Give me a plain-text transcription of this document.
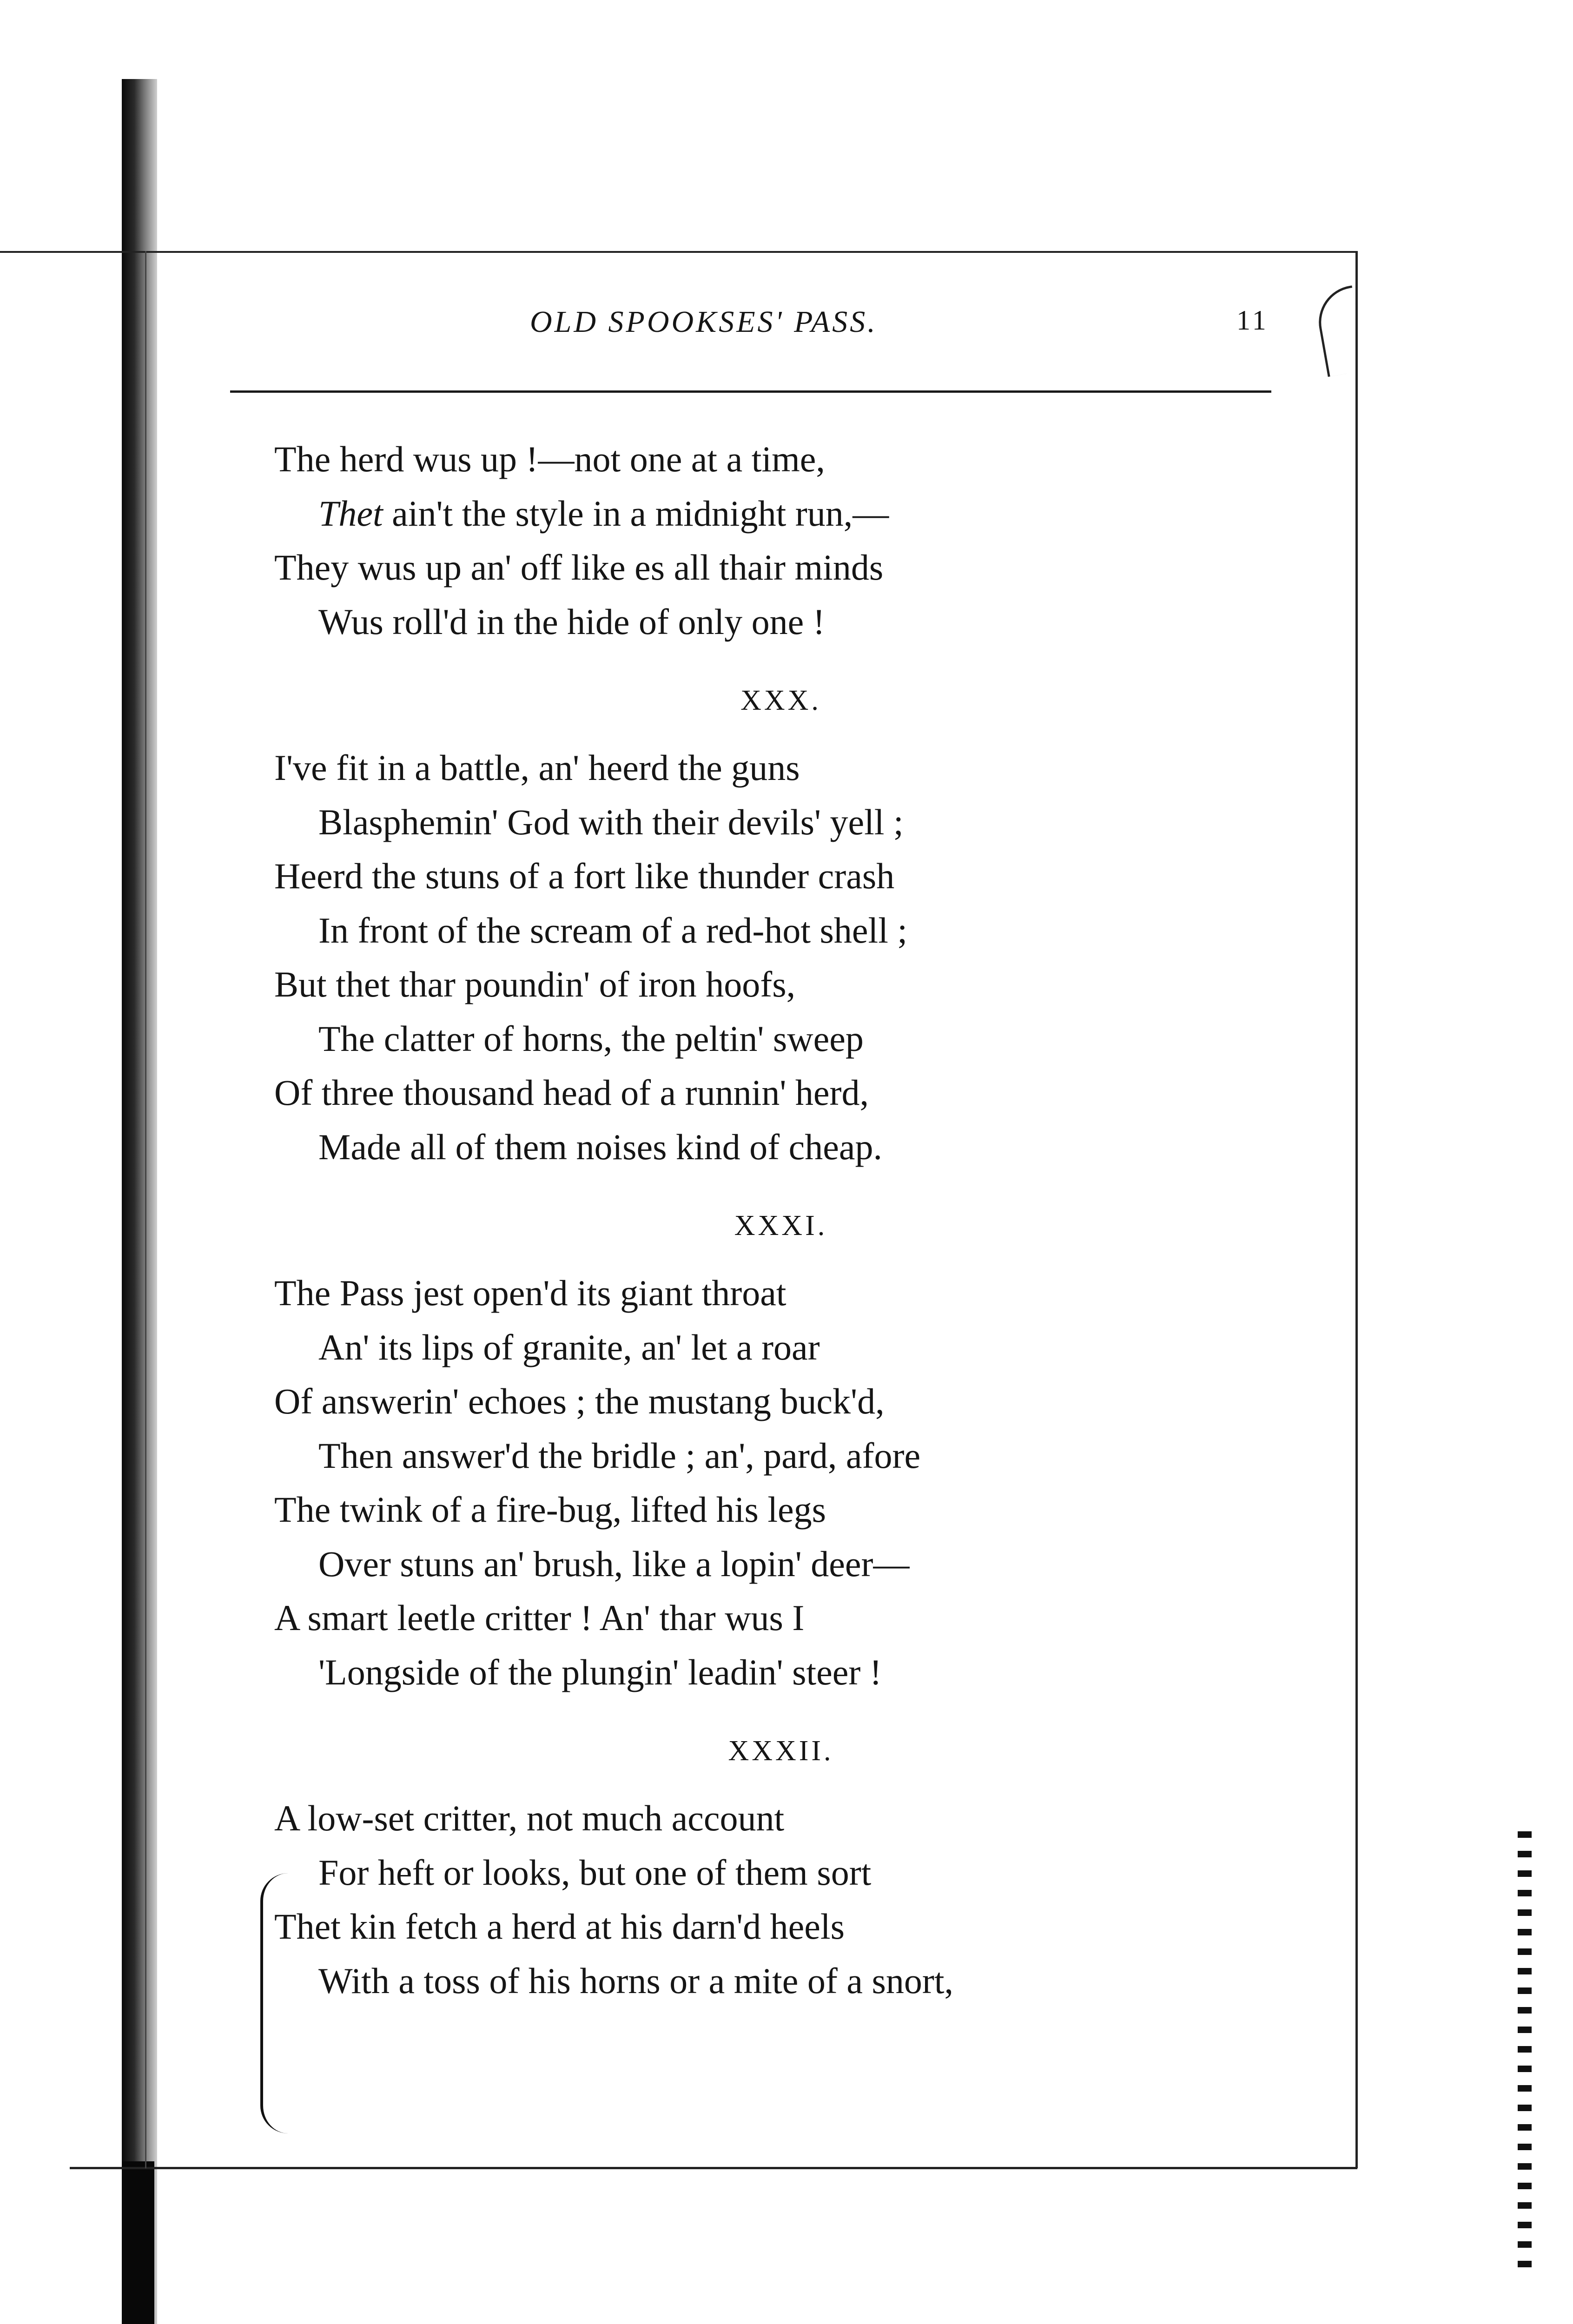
OLD SPOOKSES' PASS.	11
The herd wus up !—not one at a time,
Thet ain't the style in a midnight run,—
They wus up an' off like es all thair minds
Wus roll'd in the hide of only one !
XXX.
I've fit in a battle, an' heerd the guns
Blasphemin' God with their devils' yell ;
Heerd the stuns of a fort like thunder crash
In front of the scream of a red-hot shell ;
But thet thar poundin' of iron hoofs,
The clatter of horns, the peltin' sweep
Of three thousand head of a runnin' herd,
Made all of them noises kind of cheap.
XXXI.
The Pass jest open'd its giant throat
An' its lips of granite, an' let a roar
Of answerin' echoes ; the mustang buck'd,
Then answer'd the bridle ; an', pard, afore
The twink of a fire-bug, lifted his legs
Over stuns an' brush, like a lopin' deer—
A smart leetle critter ! An' thar wus I
'Longside of the plungin' leadin' steer !
XXXII.
A low-set critter, not much account
For heft or looks, but one of them sort
Thet kin fetch a herd at his darn'd heels
With a toss of his horns or a mite of a snort,
